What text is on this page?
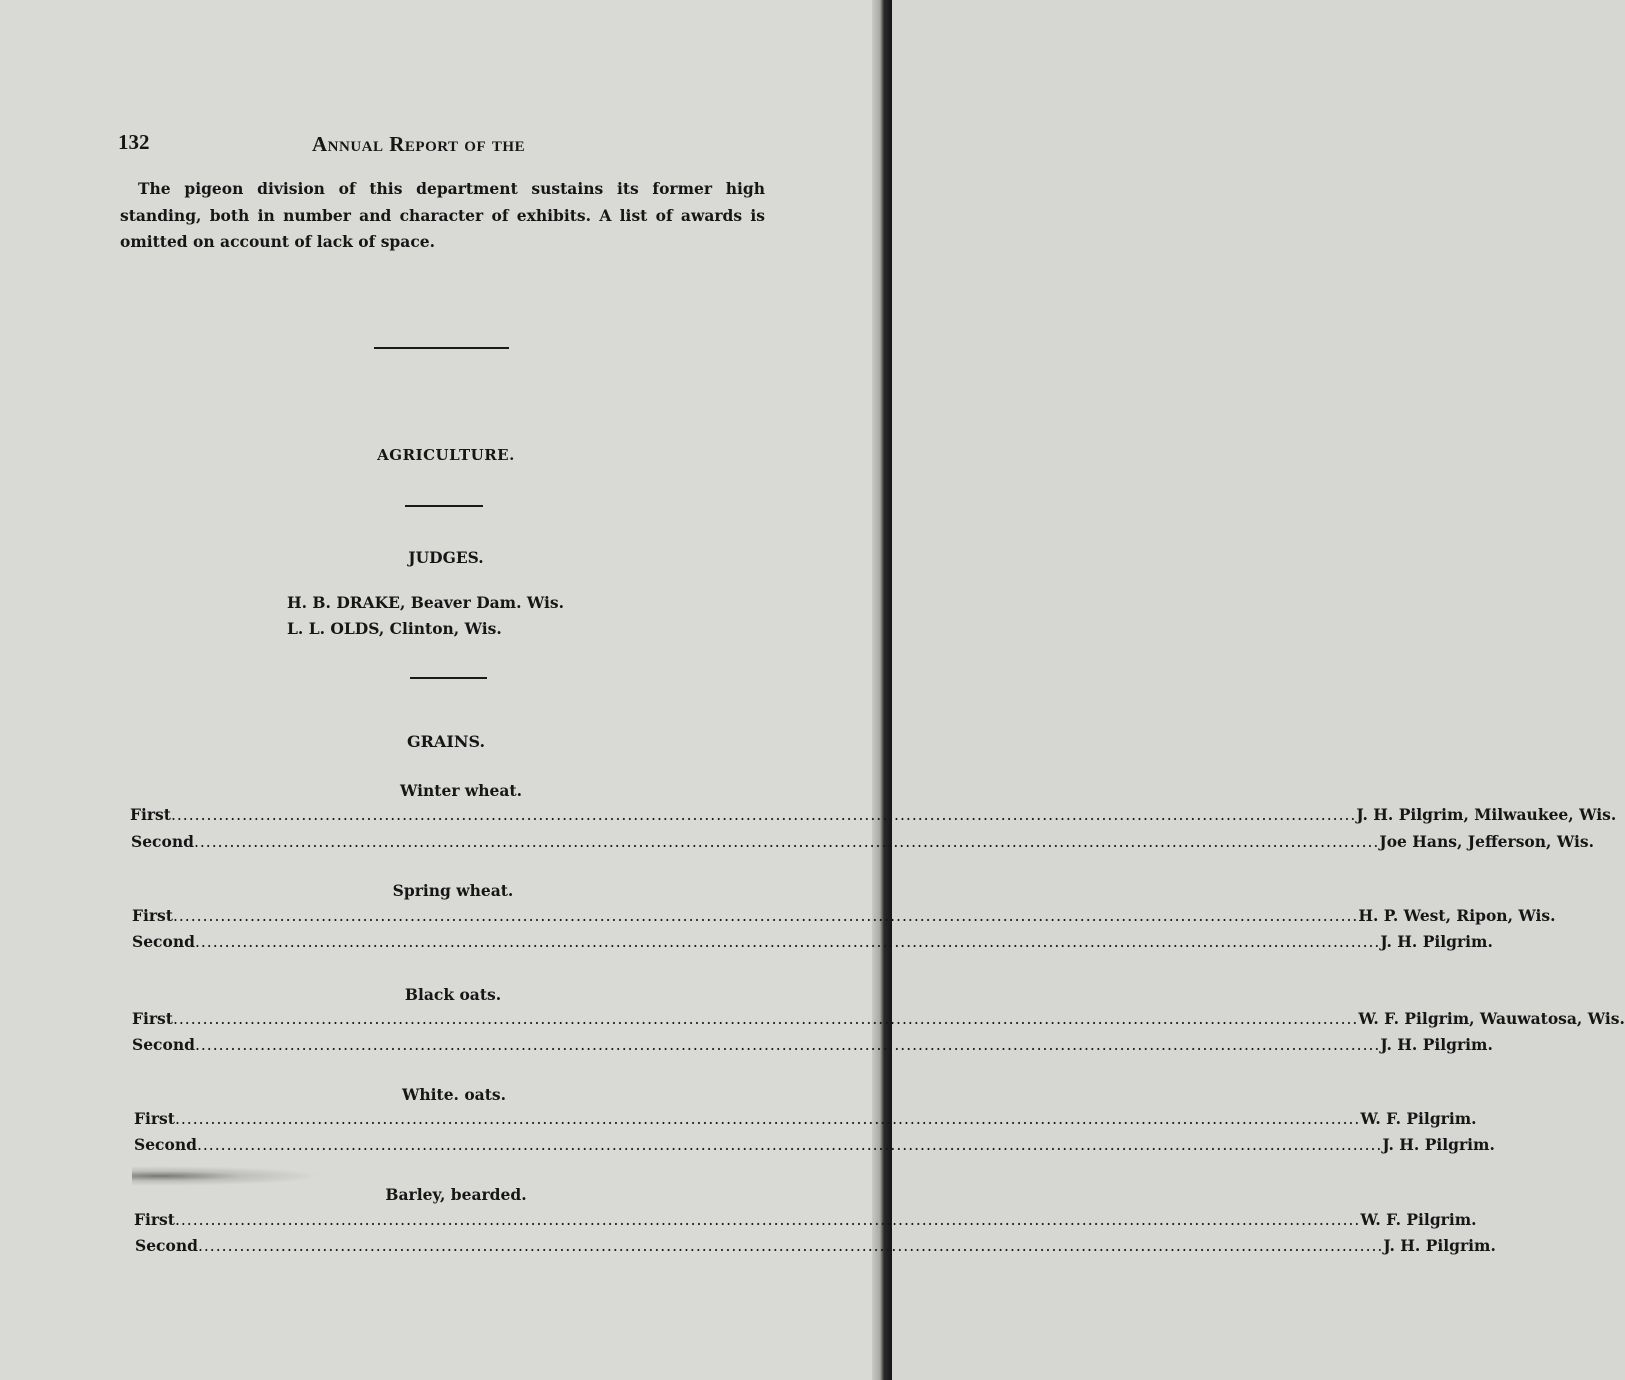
132	Annual Report of the

The pigeon division of this department sustains its former high standing, both in number and character of exhibits. A list of awards is omitted on account of lack of space.

AGRICULTURE.
JUDGES.
H. B. DRAKE, Beaver Dam. Wis.
L. L. OLDS, Clinton, Wis.
GRAINS.
Winter wheat.
First ........................................................................................................................................................................................................ J. H. Pilgrim, Milwaukee, Wis.
Second ........................................................................................................................................................................................................ Joe Hans, Jefferson, Wis.
Spring wheat.
First ........................................................................................................................................................................................................ H. P. West, Ripon, Wis.
Second ........................................................................................................................................................................................................ J. H. Pilgrim.
Black oats.
First ........................................................................................................................................................................................................ W. F. Pilgrim, Wauwatosa, Wis.
Second ........................................................................................................................................................................................................ J. H. Pilgrim.
White. oats.
First ........................................................................................................................................................................................................ W. F. Pilgrim.
Second ........................................................................................................................................................................................................ J. H. Pilgrim.
Barley, bearded.
First ........................................................................................................................................................................................................ W. F. Pilgrim.
Second ........................................................................................................................................................................................................ J. H. Pilgrim.
